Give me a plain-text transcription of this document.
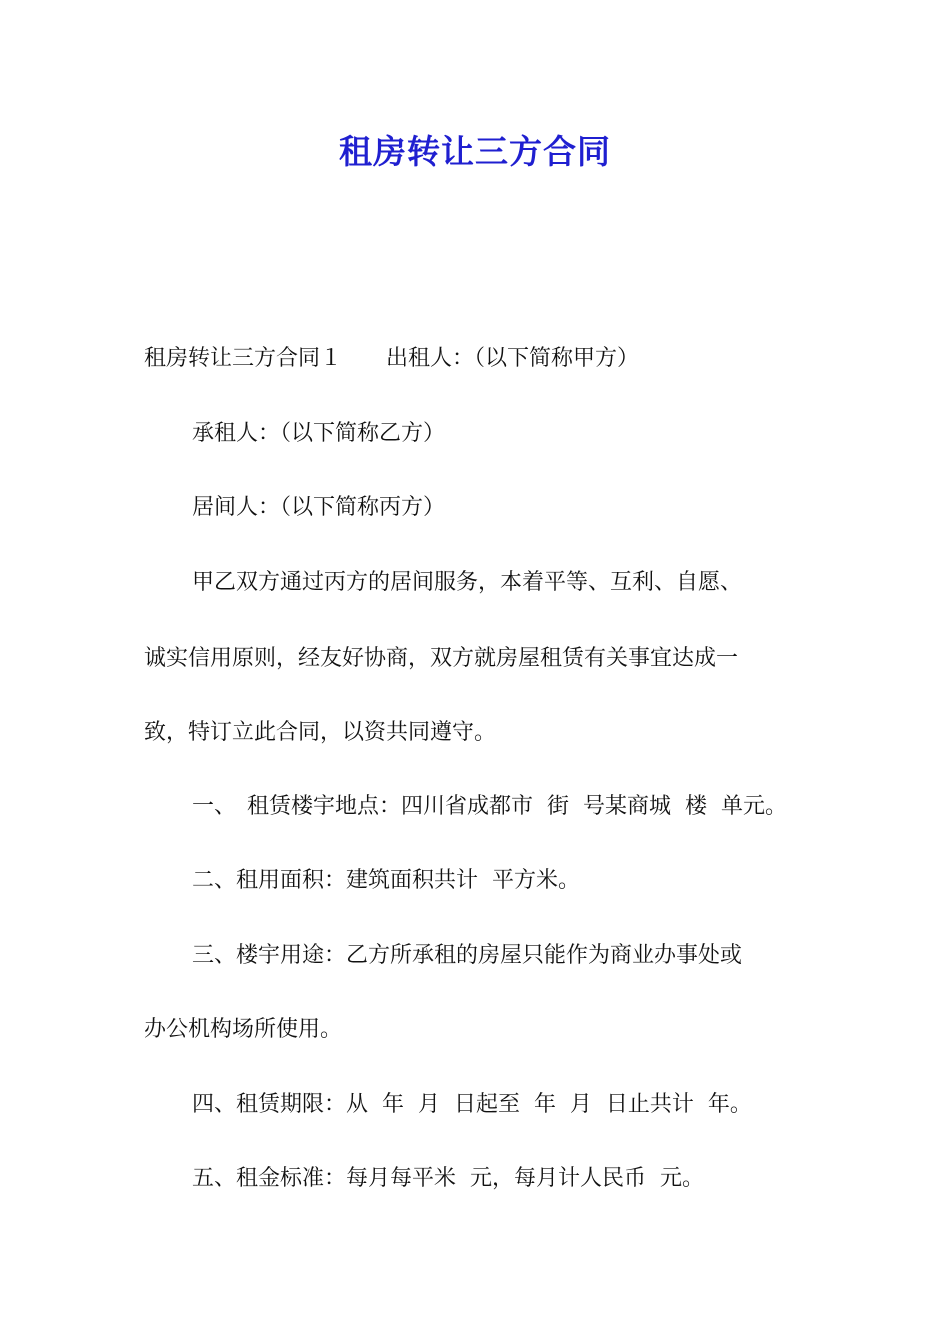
租房转让三方合同

租房转让三方合同１　　出租人：（以下简称甲方）

承租人：（以下简称乙方）

居间人：（以下简称丙方）

甲乙双方通过丙方的居间服务，本着平等、互利、自愿、

诚实信用原则，经友好协商，双方就房屋租赁有关事宜达成一

致，特订立此合同，以资共同遵守。

一、　租赁楼宇地点：四川省成都市  街  号某商城  楼  单元。

二、租用面积：建筑面积共计  平方米。

三、楼宇用途：乙方所承租的房屋只能作为商业办事处或

办公机构场所使用。

四、租赁期限：从  年  月  日起至  年  月  日止共计  年。

五、租金标准：每月每平米  元，每月计人民币  元。
